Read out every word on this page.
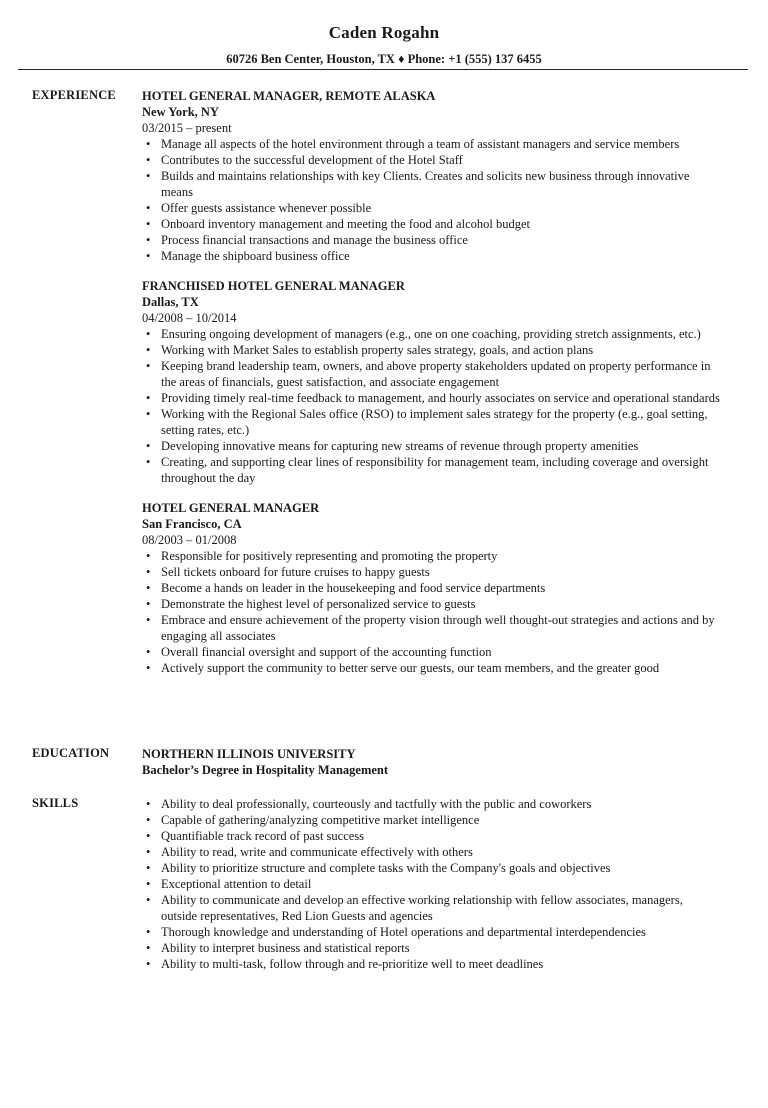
Caden Rogahn
60726 Ben Center, Houston, TX ♦ Phone: +1 (555) 137 6455
EXPERIENCE HOTEL GENERAL MANAGER, REMOTE ALASKA
New York, NY
03/2015 – present
• Manage all aspects of the hotel environment through a team of assistant managers and service members
• Contributes to the successful development of the Hotel Staff
• Builds and maintains relationships with key Clients. Creates and solicits new business through innovative means
• Offer guests assistance whenever possible
• Onboard inventory management and meeting the food and alcohol budget
• Process financial transactions and manage the business office
• Manage the shipboard business office
FRANCHISED HOTEL GENERAL MANAGER
Dallas, TX
04/2008 – 10/2014
• Ensuring ongoing development of managers (e.g., one on one coaching, providing stretch assignments, etc.)
• Working with Market Sales to establish property sales strategy, goals, and action plans
• Keeping brand leadership team, owners, and above property stakeholders updated on property performance in the areas of financials, guest satisfaction, and associate engagement
• Providing timely real-time feedback to management, and hourly associates on service and operational standards
• Working with the Regional Sales office (RSO) to implement sales strategy for the property (e.g., goal setting, setting rates, etc.)
• Developing innovative means for capturing new streams of revenue through property amenities
• Creating, and supporting clear lines of responsibility for management team, including coverage and oversight throughout the day
HOTEL GENERAL MANAGER
San Francisco, CA
08/2003 – 01/2008
• Responsible for positively representing and promoting the property
• Sell tickets onboard for future cruises to happy guests
• Become a hands on leader in the housekeeping and food service departments
• Demonstrate the highest level of personalized service to guests
• Embrace and ensure achievement of the property vision through well thought-out strategies and actions and by engaging all associates
• Overall financial oversight and support of the accounting function
• Actively support the community to better serve our guests, our team members, and the greater good
EDUCATION	NORTHERN ILLINOIS UNIVERSITY
Bachelor’s Degree in Hospitality Management
SKILLS
•	Ability to deal professionally, courteously and tactfully with the public and coworkers
• Capable of gathering/analyzing competitive market intelligence
• Quantifiable track record of past success
• Ability to read, write and communicate effectively with others
• Ability to prioritize structure and complete tasks with the Company's goals and objectives
• Exceptional attention to detail
• Ability to communicate and develop an effective working relationship with fellow associates, managers, outside representatives, Red Lion Guests and agencies
• Thorough knowledge and understanding of Hotel operations and departmental interdependencies
• Ability to interpret business and statistical reports
• Ability to multi-task, follow through and re-prioritize well to meet deadlines
